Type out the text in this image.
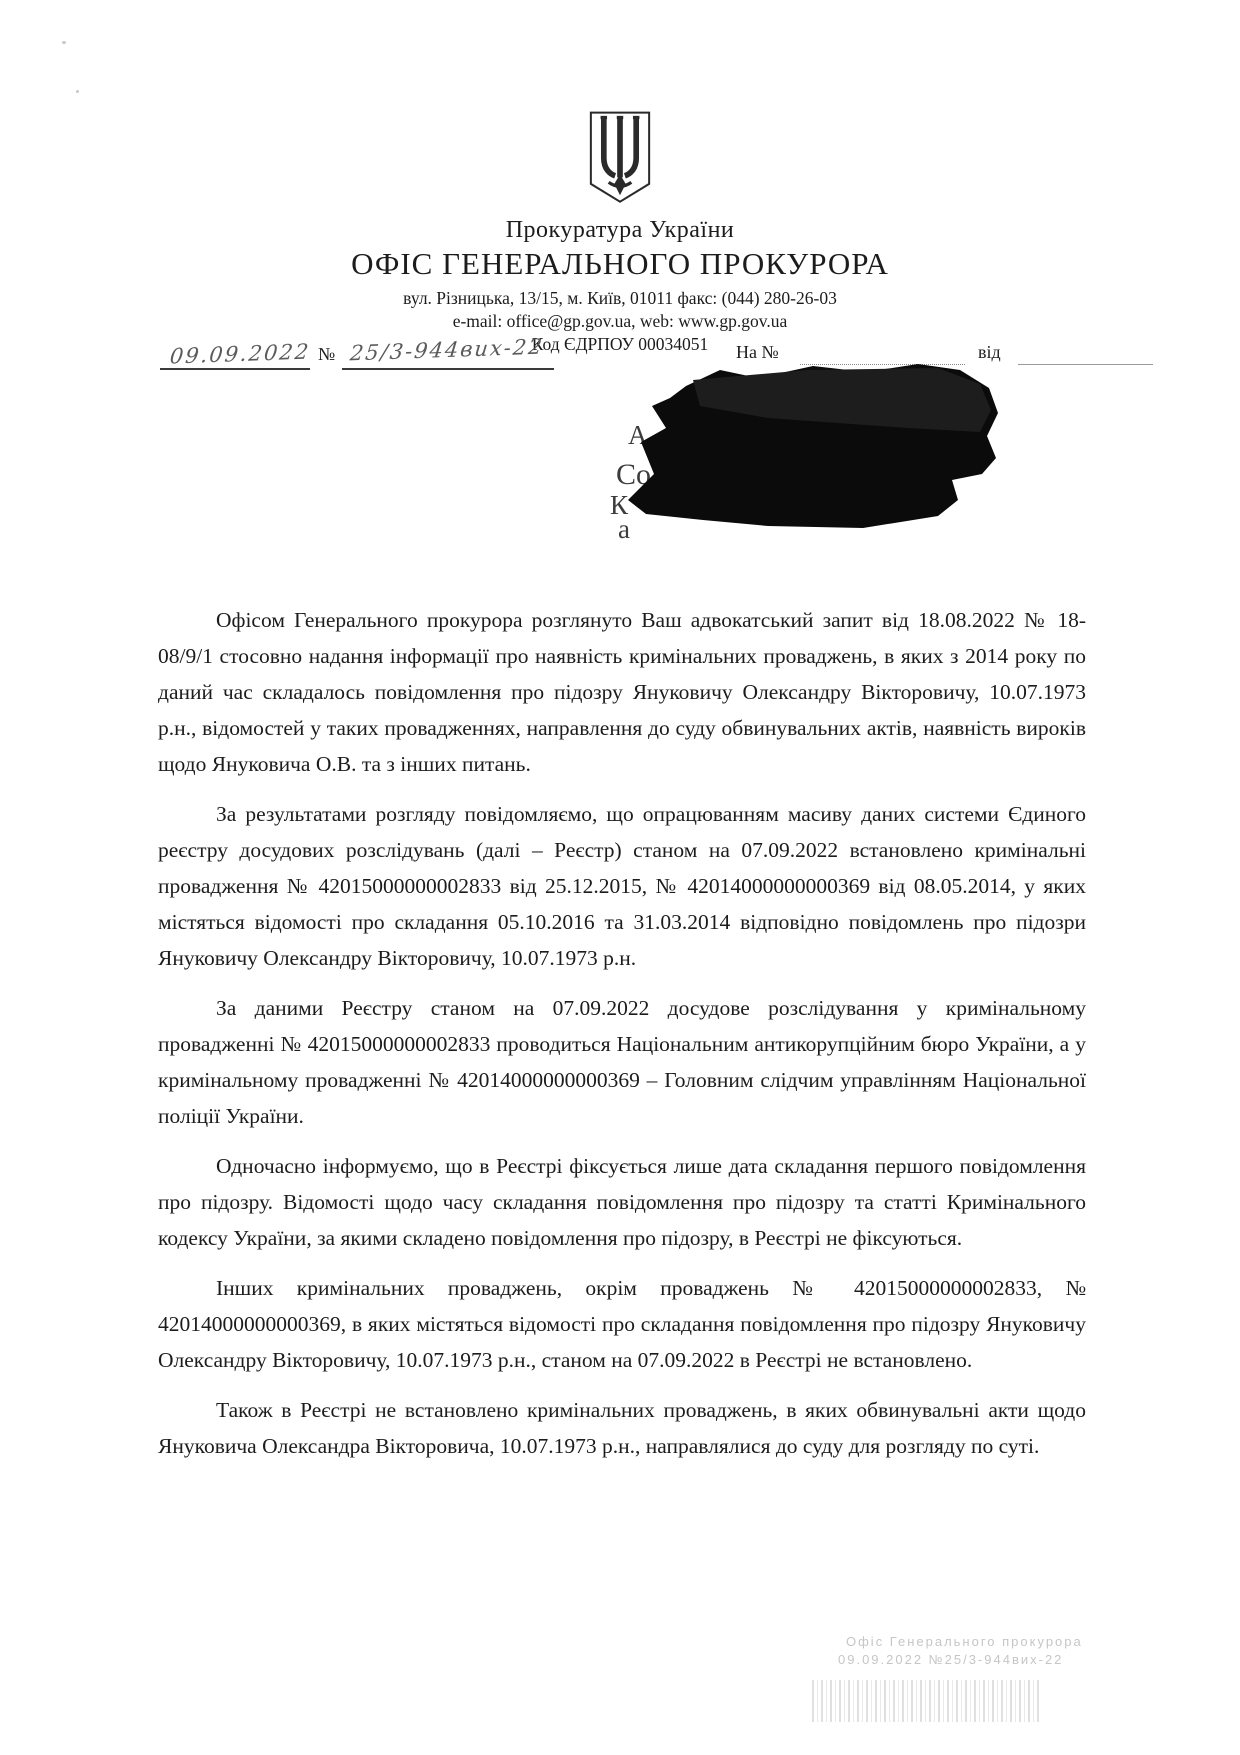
Прокуратура України
ОФІС ГЕНЕРАЛЬНОГО ПРОКУРОРА
вул. Різницька, 13/15, м. Київ, 01011 факс: (044) 280-26-03
e-mail: office@gp.gov.ua, web: www.gp.gov.ua
Код ЄДРПОУ 00034051
09.09.2022 № 25/3-944вих-22	На №	від
А
Со
К
а

Офісом Генерального прокурора розглянуто Ваш адвокатський запит від 18.08.2022 № 18-08/9/1 стосовно надання інформації про наявність кримінальних проваджень, в яких з 2014 року по даний час складалось повідомлення про підозру Януковичу Олександру Вікторовичу, 10.07.1973 р.н., відомостей у таких провадженнях, направлення до суду обвинувальних актів, наявність вироків щодо Януковича О.В. та з інших питань.

За результатами розгляду повідомляємо, що опрацюванням масиву даних системи Єдиного реєстру досудових розслідувань (далі – Реєстр) станом на 07.09.2022 встановлено кримінальні провадження № 42015000000002833 від 25.12.2015, № 42014000000000369 від 08.05.2014, у яких містяться відомості про складання 05.10.2016 та 31.03.2014 відповідно повідомлень про підозри Януковичу Олександру Вікторовичу, 10.07.1973 р.н.

За даними Реєстру станом на 07.09.2022 досудове розслідування у кримінальному провадженні № 42015000000002833 проводиться Національним антикорупційним бюро України, а у кримінальному провадженні № 42014000000000369 – Головним слідчим управлінням Національної поліції України.

Одночасно інформуємо, що в Реєстрі фіксується лише дата складання першого повідомлення про підозру. Відомості щодо часу складання повідомлення про підозру та статті Кримінального кодексу України, за якими складено повідомлення про підозру, в Реєстрі не фіксуються.

Інших кримінальних проваджень, окрім проваджень № 42015000000002833, № 42014000000000369, в яких містяться відомості про складання повідомлення про підозру Януковичу Олександру Вікторовичу, 10.07.1973 р.н., станом на 07.09.2022 в Реєстрі не встановлено.

Також в Реєстрі не встановлено кримінальних проваджень, в яких обвинувальні акти щодо Януковича Олександра Вікторовича, 10.07.1973 р.н., направлялися до суду для розгляду по суті.

Офіс Генерального прокурора
09.09.2022 №25/3-944вих-22
